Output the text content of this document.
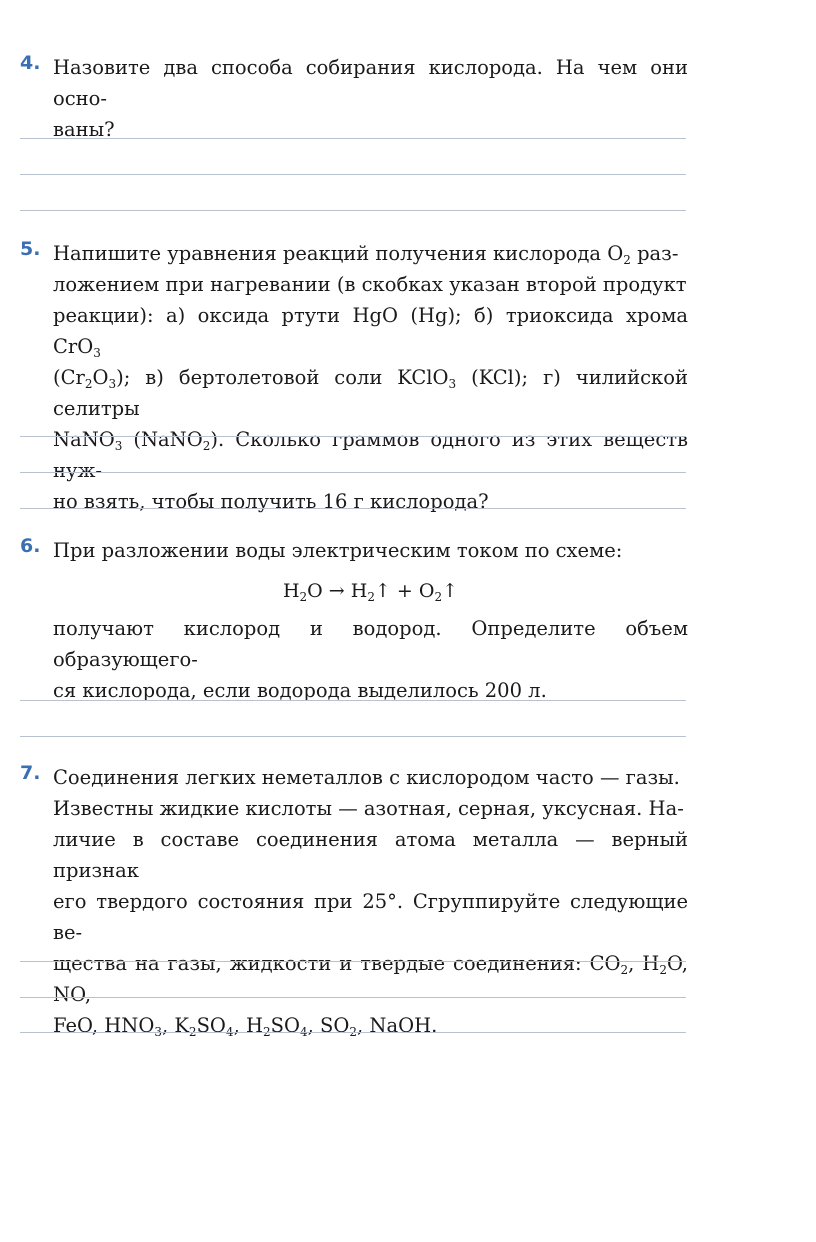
4. Назовите два способа собирания кислорода. На чем они осно-

ваны?

5. Напишите уравнения реакций получения кислорода $O_2$ раз-

ложением при нагревании (в скобках указан второй продукт

реакции): а) оксида ртути HgO (Hg); б) триоксида хрома CrO$_3$

$(Cr_2O_3)$; в) бертолетовой соли KClO$_3$ (KCl); г) чилийской селитры

NaNO$_3$ (NaNO$_2$). Сколько граммов одного из этих веществ нуж-

но взять, чтобы получить 16 г кислорода?

6. При разложении воды электрическим током по схеме:

$H_2O$ → $H_2↑$ + $O_2↑$

получают кислород и водород. Определите объем образующего-

ся кислорода, если водорода выделилось 200 л.

7. Соединения легких неметаллов с кислородом часто — газы.

Известны жидкие кислоты — азотная, серная, уксусная. На-

личие в составе соединения атома металла — верный признак

его твердого состояния при 25°. Сгруппируйте следующие ве-

щества на газы, жидкости и твердые соединения: $CO_2$, $H_2O$, NO,

FeO, $HNO_3$, $K_2SO_4$, $H_2SO_4$, $SO_2$, NaOH.
